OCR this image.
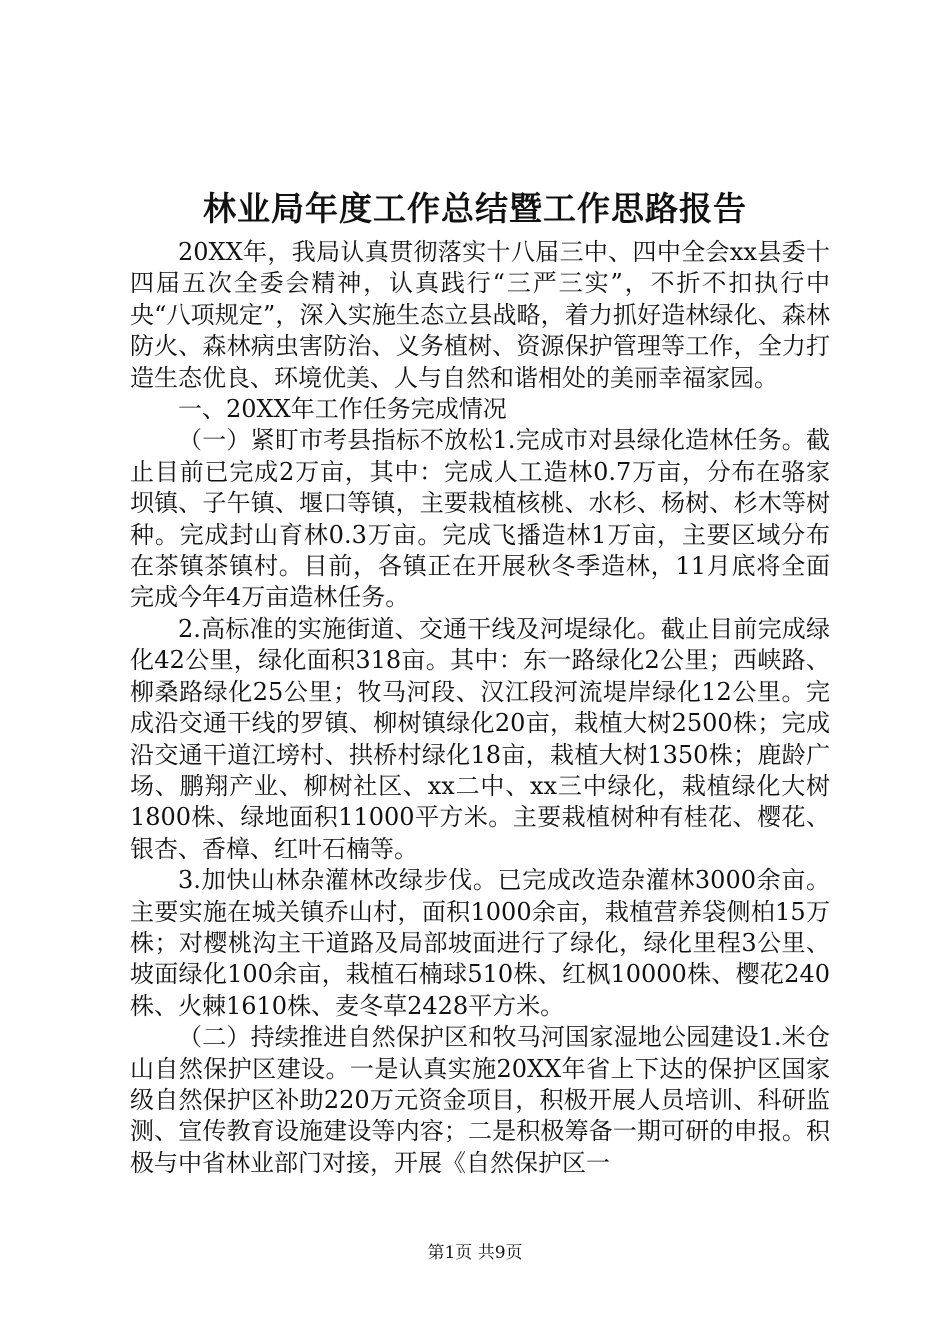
林业局年度工作总结暨工作思路报告

20XX年，我局认真贯彻落实十八届三中、四中全会xx县委十四届五次全委会精神，认真践行“三严三实”，不折不扣执行中央“八项规定”，深入实施生态立县战略，着力抓好造林绿化、森林防火、森林病虫害防治、义务植树、资源保护管理等工作，全力打造生态优良、环境优美、人与自然和谐相处的美丽幸福家园。

一、20XX年工作任务完成情况

（一）紧盯市考县指标不放松1.完成市对县绿化造林任务。截止目前已完成2万亩，其中：完成人工造林0.7万亩，分布在骆家坝镇、子午镇、堰口等镇，主要栽植核桃、水杉、杨树、杉木等树种。完成封山育林0.3万亩。完成飞播造林1万亩，主要区域分布在茶镇茶镇村。目前，各镇正在开展秋冬季造林，11月底将全面完成今年4万亩造林任务。

2.高标准的实施街道、交通干线及河堤绿化。截止目前完成绿化42公里，绿化面积318亩。其中：东一路绿化2公里；西峡路、柳桑路绿化25公里；牧马河段、汉江段河流堤岸绿化12公里。完成沿交通干线的罗镇、柳树镇绿化20亩，栽植大树2500株；完成沿交通干道江塝村、拱桥村绿化18亩，栽植大树1350株；鹿龄广场、鹏翔产业、柳树社区、xx二中、xx三中绿化，栽植绿化大树1800株、绿地面积11000平方米。主要栽植树种有桂花、樱花、银杏、香樟、红叶石楠等。

3.加快山林杂灌林改绿步伐。已完成改造杂灌林3000余亩。主要实施在城关镇乔山村，面积1000余亩，栽植营养袋侧柏15万株；对樱桃沟主干道路及局部坡面进行了绿化，绿化里程3公里、坡面绿化100余亩，栽植石楠球510株、红枫10000株、樱花240株、火棘1610株、麦冬草2428平方米。

（二）持续推进自然保护区和牧马河国家湿地公园建设1.米仓山自然保护区建设。一是认真实施20XX年省上下达的保护区国家级自然保护区补助220万元资金项目，积极开展人员培训、科研监测、宣传教育设施建设等内容；二是积极筹备一期可研的申报。积极与中省林业部门对接，开展《自然保护区一

第1页 共9页
